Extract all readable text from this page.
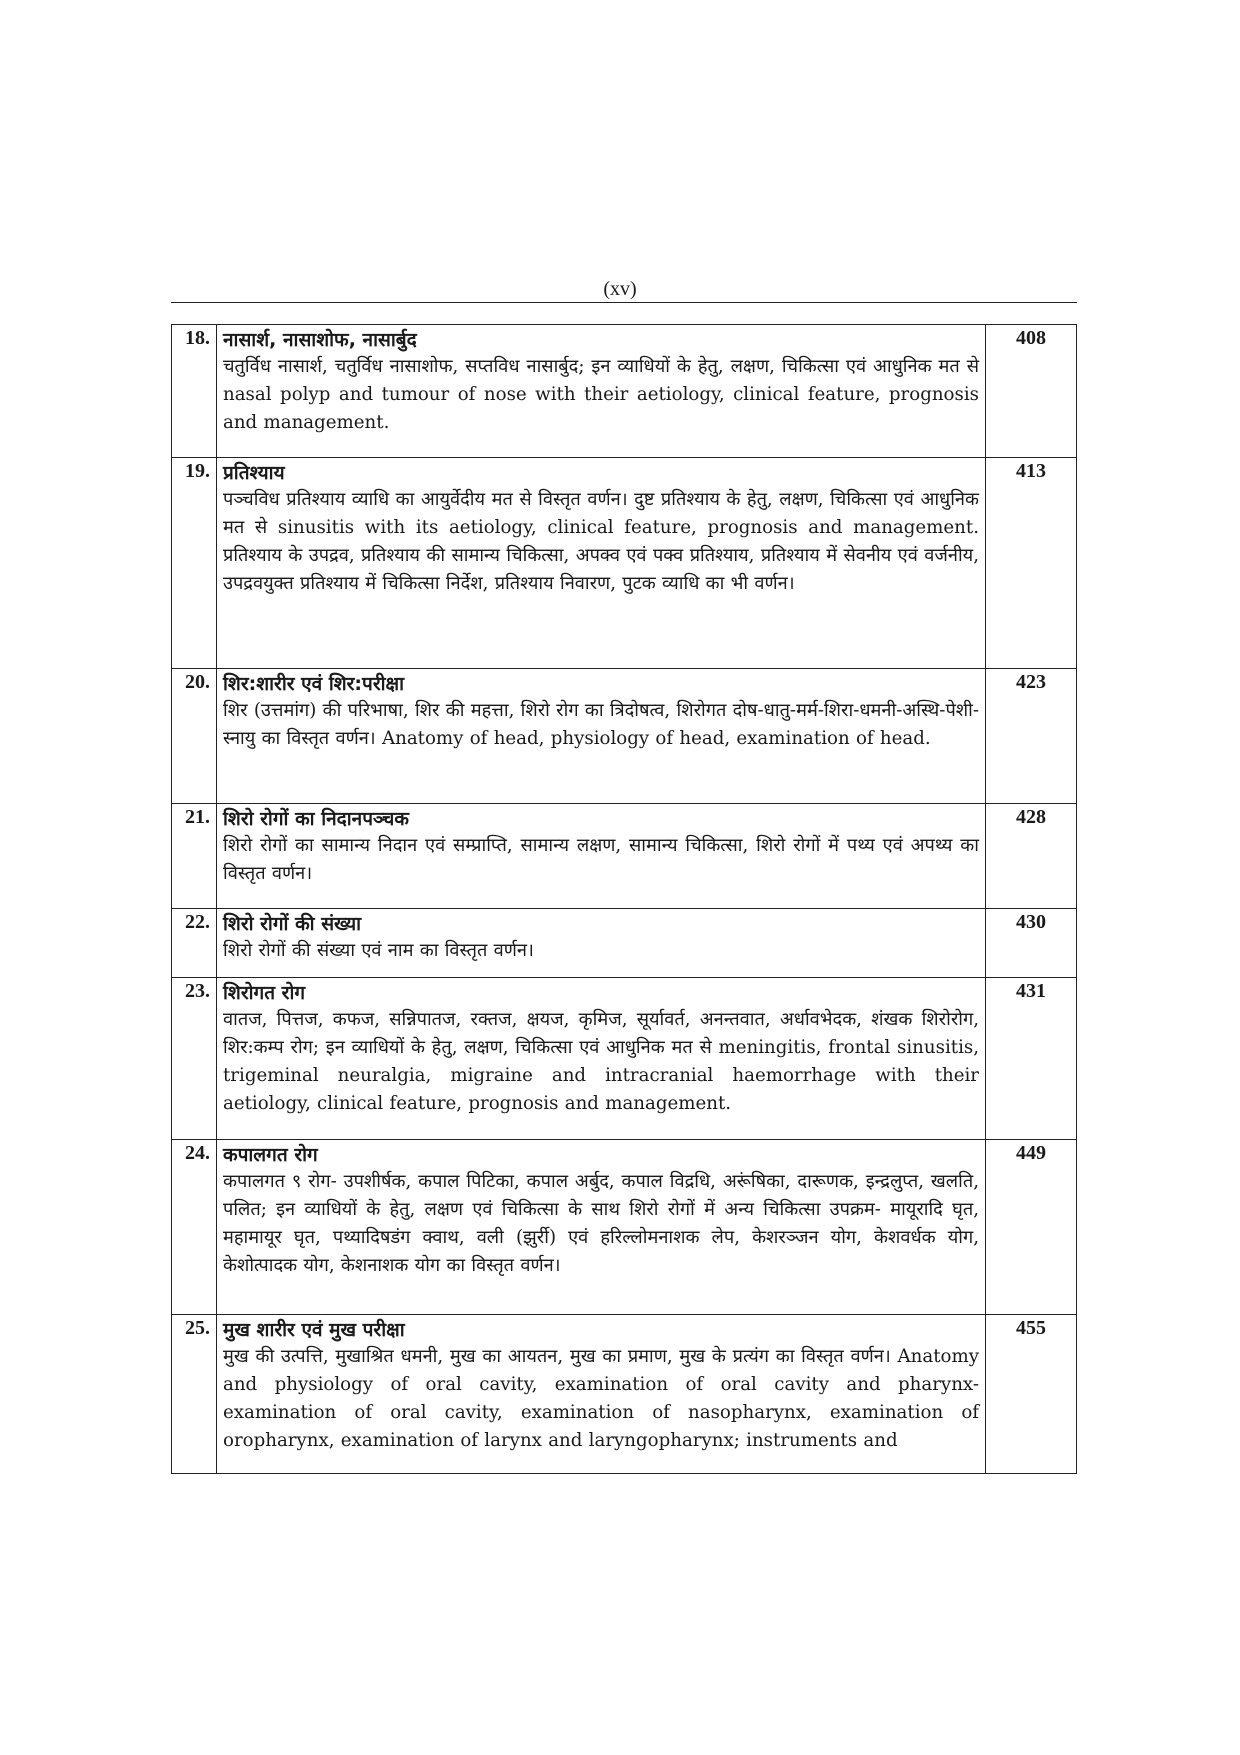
(xv)
18.	नासार्श, नासाशोफ, नासार्बुद
चतुर्विध नासार्श, चतुर्विध नासाशोफ, सप्तविध नासार्बुद; इन व्याधियों के हेतु, लक्षण, चिकित्सा एवं आधुनिक मत से nasal polyp and tumour of nose with their aetiology, clinical feature, prognosis and management.	408
19.	प्रतिश्याय
पञ्चविध प्रतिश्याय व्याधि का आयुर्वेदीय मत से विस्तृत वर्णन। दुष्ट प्रतिश्याय के हेतु, लक्षण, चिकित्सा एवं आधुनिक मत से sinusitis with its aetiology, clinical feature, prognosis and management. प्रतिश्याय के उपद्रव, प्रतिश्याय की सामान्य चिकित्सा, अपक्व एवं पक्व प्रतिश्याय, प्रतिश्याय में सेवनीय एवं वर्जनीय, उपद्रवयुक्त प्रतिश्याय में चिकित्सा निर्देश, प्रतिश्याय निवारण, पुटक व्याधि का भी वर्णन।	413
20.	शिर:शारीर एवं शिर:परीक्षा
शिर (उत्तमांग) की परिभाषा, शिर की महत्ता, शिरो रोग का त्रिदोषत्व, शिरोगत दोष-धातु-मर्म-शिरा-धमनी-अस्थि-पेशी-स्नायु का विस्तृत वर्णन। Anatomy of head, physiology of head, examination of head.	423
21.	शिरो रोगों का निदानपञ्चक
शिरो रोगों का सामान्य निदान एवं सम्प्राप्ति, सामान्य लक्षण, सामान्य चिकित्सा, शिरो रोगों में पथ्य एवं अपथ्य का विस्तृत वर्णन।	428
22.	शिरो रोगों की संख्या
शिरो रोगों की संख्या एवं नाम का विस्तृत वर्णन।	430
23.	शिरोगत रोग
वातज, पित्तज, कफज, सन्निपातज, रक्तज, क्षयज, कृमिज, सूर्यावर्त, अनन्तवात, अर्धावभेदक, शंखक शिरोरोग, शिर:कम्प रोग; इन व्याधियों के हेतु, लक्षण, चिकित्सा एवं आधुनिक मत से meningitis, frontal sinusitis, trigeminal neuralgia, migraine and intracranial haemorrhage with their aetiology, clinical feature, prognosis and management.	431
24.	कपालगत रोग
कपालगत ९ रोग- उपशीर्षक, कपाल पिटिका, कपाल अर्बुद, कपाल विद्रधि, अरूंषिका, दारूणक, इन्द्रलुप्त, खलति, पलित; इन व्याधियों के हेतु, लक्षण एवं चिकित्सा के साथ शिरो रोगों में अन्य चिकित्सा उपक्रम- मायूरादि घृत, महामायूर घृत, पथ्यादिषडंग क्वाथ, वली (झुर्री) एवं हरिल्लोमनाशक लेप, केशरञ्जन योग, केशवर्धक योग, केशोत्पादक योग, केशनाशक योग का विस्तृत वर्णन।	449
25.	मुख शारीर एवं मुख परीक्षा
मुख की उत्पत्ति, मुखाश्रित धमनी, मुख का आयतन, मुख का प्रमाण, मुख के प्रत्यंग का विस्तृत वर्णन। Anatomy and physiology of oral cavity, examination of oral cavity and pharynx- examination of oral cavity, examination of nasopharynx, examination of oropharynx, examination of larynx and laryngopharynx; instruments and	455
